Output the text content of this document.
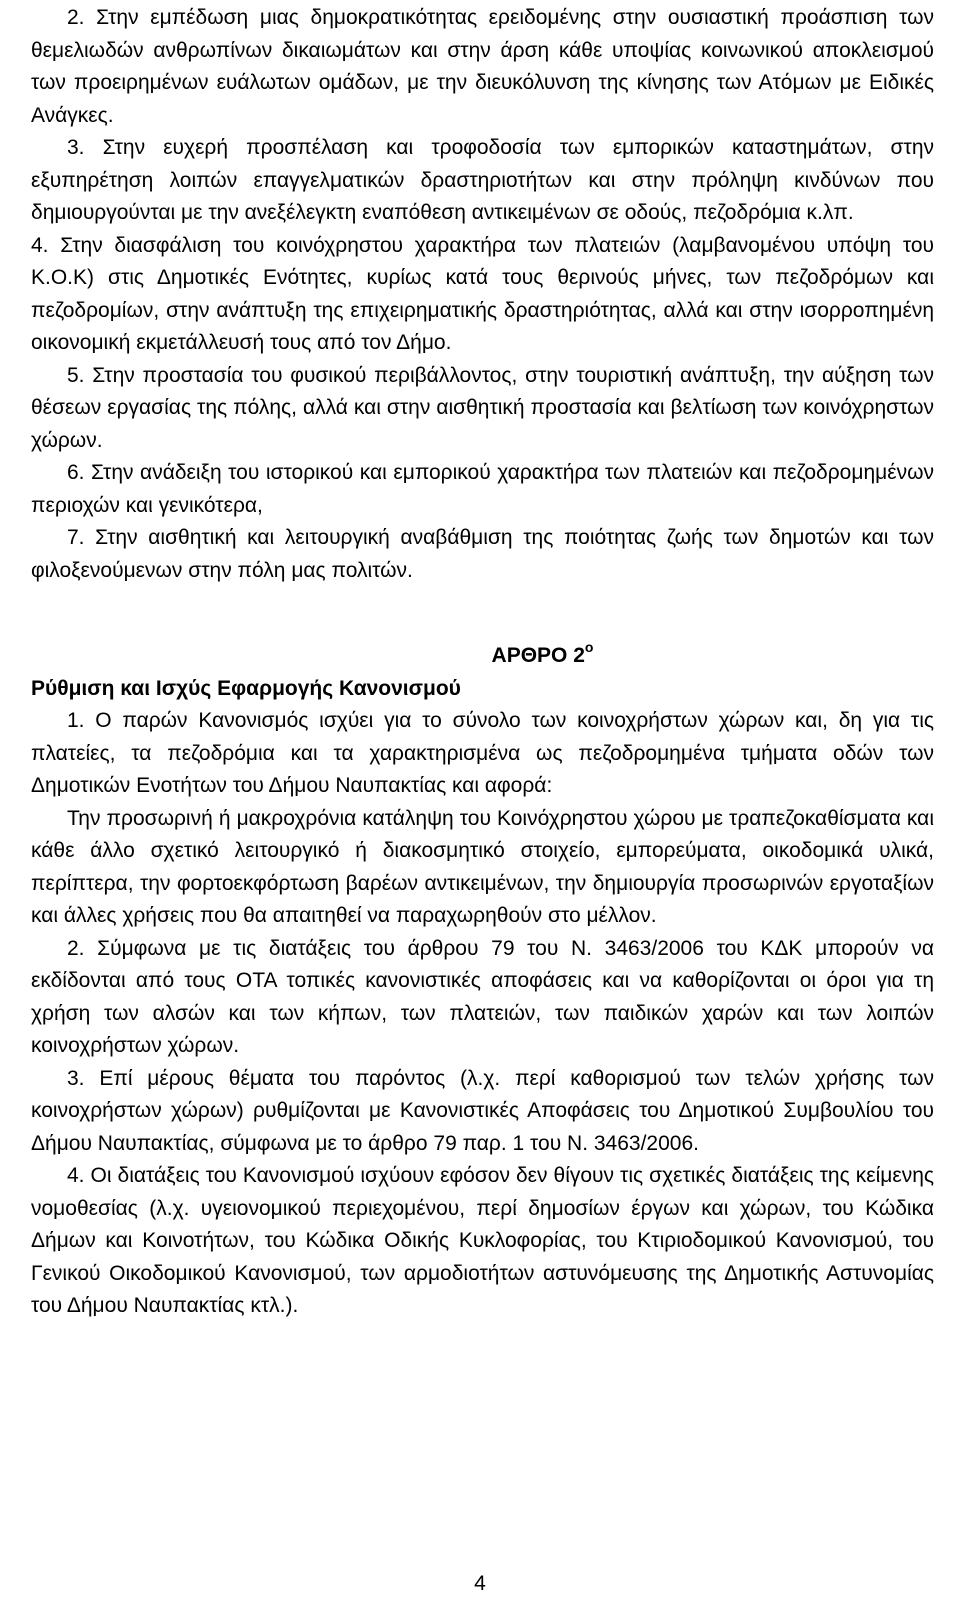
2. Στην εμπέδωση μιας δημοκρατικότητας ερειδομένης στην ουσιαστική προάσπιση των θεμελιωδών ανθρωπίνων δικαιωμάτων και στην άρση κάθε υποψίας κοινωνικού αποκλεισμού των προειρημένων ευάλωτων ομάδων, με την διευκόλυνση της κίνησης των Ατόμων με Ειδικές Ανάγκες.

3. Στην ευχερή προσπέλαση και τροφοδοσία των εμπορικών καταστημάτων, στην εξυπηρέτηση λοιπών επαγγελματικών δραστηριοτήτων και στην πρόληψη κινδύνων που δημιουργούνται με την ανεξέλεγκτη εναπόθεση αντικειμένων σε οδούς, πεζοδρόμια κ.λπ.

4. Στην διασφάλιση του κοινόχρηστου χαρακτήρα των πλατειών (λαμβανομένου υπόψη του Κ.Ο.Κ) στις Δημοτικές Ενότητες, κυρίως κατά τους θερινούς μήνες, των πεζοδρόμων και πεζοδρομίων, στην ανάπτυξη της επιχειρηματικής δραστηριότητας, αλλά και στην ισορροπημένη οικονομική εκμετάλλευσή τους από τον Δήμο.

5. Στην προστασία του φυσικού περιβάλλοντος, στην τουριστική ανάπτυξη, την αύξηση των θέσεων εργασίας της πόλης, αλλά και στην αισθητική προστασία και βελτίωση των κοινόχρηστων χώρων.

6. Στην ανάδειξη του ιστορικού και εμπορικού χαρακτήρα των πλατειών και πεζοδρομημένων περιοχών και γενικότερα,

7. Στην αισθητική και λειτουργική αναβάθμιση της ποιότητας ζωής των δημοτών και των φιλοξενούμενων στην πόλη μας πολιτών.

ΑΡΘΡΟ $2^o$

Ρύθμιση και Ισχύς Εφαρμογής Κανονισμού

1. Ο παρών Κανονισμός ισχύει για το σύνολο των κοινοχρήστων χώρων και, δη για τις πλατείες, τα πεζοδρόμια και τα χαρακτηρισμένα ως πεζοδρομημένα τμήματα οδών των Δημοτικών Ενοτήτων του Δήμου Ναυπακτίας και αφορά:

Την προσωρινή ή μακροχρόνια κατάληψη του Κοινόχρηστου χώρου με τραπεζοκαθίσματα και κάθε άλλο σχετικό λειτουργικό ή διακοσμητικό στοιχείο, εμπορεύματα, οικοδομικά υλικά, περίπτερα, την φορτοεκφόρτωση βαρέων αντικειμένων, την δημιουργία προσωρινών εργοταξίων και άλλες χρήσεις που θα απαιτηθεί να παραχωρηθούν στο μέλλον.

2. Σύμφωνα με τις διατάξεις του άρθρου 79 του Ν. 3463/2006 του ΚΔΚ μπορούν να εκδίδονται από τους ΟΤΑ τοπικές κανονιστικές αποφάσεις και να καθορίζονται οι όροι για τη χρήση των αλσών και των κήπων, των πλατειών, των παιδικών χαρών και των λοιπών κοινοχρήστων χώρων.

3. Επί μέρους θέματα του παρόντος (λ.χ. περί καθορισμού των τελών χρήσης των κοινοχρήστων χώρων) ρυθμίζονται με Κανονιστικές Αποφάσεις του Δημοτικού Συμβουλίου του Δήμου Ναυπακτίας, σύμφωνα με το άρθρο 79 παρ. 1 του Ν. 3463/2006.

4. Οι διατάξεις του Κανονισμού ισχύουν εφόσον δεν θίγουν τις σχετικές διατάξεις της κείμενης νομοθεσίας (λ.χ. υγειονομικού περιεχομένου, περί δημοσίων έργων και χώρων, του Κώδικα Δήμων και Κοινοτήτων, του Κώδικα Οδικής Κυκλοφορίας, του Κτιριοδομικού Κανονισμού, του Γενικού Οικοδομικού Κανονισμού, των αρμοδιοτήτων αστυνόμευσης της Δημοτικής Αστυνομίας του Δήμου Ναυπακτίας κτλ.).

4
